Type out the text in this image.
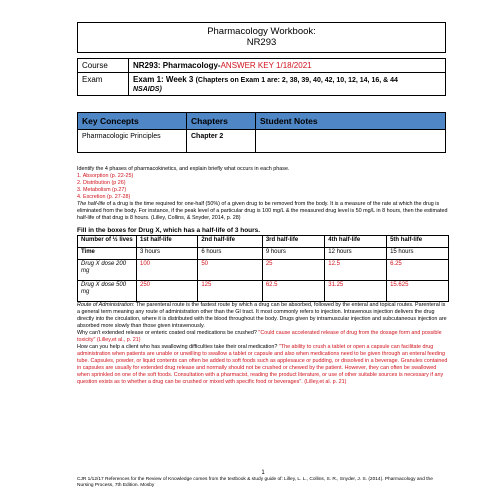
Pharmacology Workbook:
NR293
Course	NR293: Pharmacology-ANSWER KEY 1/18/2021
Exam	Exam 1: Week 3 (Chapters on Exam 1 are: 2, 38, 39, 40, 42, 10, 12, 14, 16, & 44
NSAIDS)
Key Concepts	Chapters	Student Notes
Pharmacologic Principles	Chapter 2	

Identify the 4 phases of pharmacokinetics, and explain briefly what occurs in each phase.

1. Absorption (p. 22-25)
2. Distribution (p 26)
3. Metabolism (p.27)
4. Excretion (p. 27-28)

The half-life of a drug is the time required for one-half (50%) of a given drug to be removed from the body. It is a measure of the rate at which the drug is eliminated from the body. For instance, if the peak level of a particular drug is 100 mg/L & the measured drug level is 50 mg/L in 8 hours, then the estimated half-life of that drug is 8 hours. (Lilley, Collins, & Snyder, 2014, p. 28)

Fill in the boxes for Drug X, which has a half-life of 3 hours.
Number of ½ lives	1st half-life	2nd half-life	3rd half-life	4th half-life	5th half-life
Time	3 hours	6 hours	9 hours	12 hours	15 hours
Drug X dose 200 mg	100	50	25	12.5	6.25
Drug X dose 500 mg	250	125	62.5	31.25	15.625

Route of Administration: The parenteral route is the fastest route by which a drug can be absorbed, followed by the enteral and topical routes. Parenteral is a general term meaning any route of administration other than the GI tract. It most commonly refers to injection. Intravenous injection delivers the drug directly into the circulation, where it is distributed with the blood throughout the body. Drugs given by intramuscular injection and subcutaneous injection are absorbed more slowly than those given intravenously.

Why can't extended release or enteric coated oral medications be crushed? "Could cause accelerated release of drug from the dosage form and possible toxicity" (Lilley,et al., p. 21)

How can you help a client who has swallowing difficulties take their oral medication? "The ability to crush a tablet or open a capsule can facilitate drug administration when patients are unable or unwilling to swallow a tablet or capsule and also when medications need to be given through an enteral feeding tube. Capsules, powder, or liquid contents can often be added to soft foods such as applesauce or pudding, or dissolved in a beverage. Granules contained in capsules are usually for extended drug release and normally should not be crushed or chewed by the patient. However, they can often be swallowed when sprinkled on one of the soft foods. Consultation with a pharmacist, reading the product literature, or use of other suitable sources is necessary if any question exists as to whether a drug can be crushed or mixed with specific food or beverages". (Lilley,et al. p. 21)

1
CJR 1/12/17 References for the Review of Knowledge comes from the textbook & study guide of: Lilley, L. L., Collins, S. R., Snyder, J. S. (2014). Pharmacology and the Nursing Process, 7th Edition. Mosby
